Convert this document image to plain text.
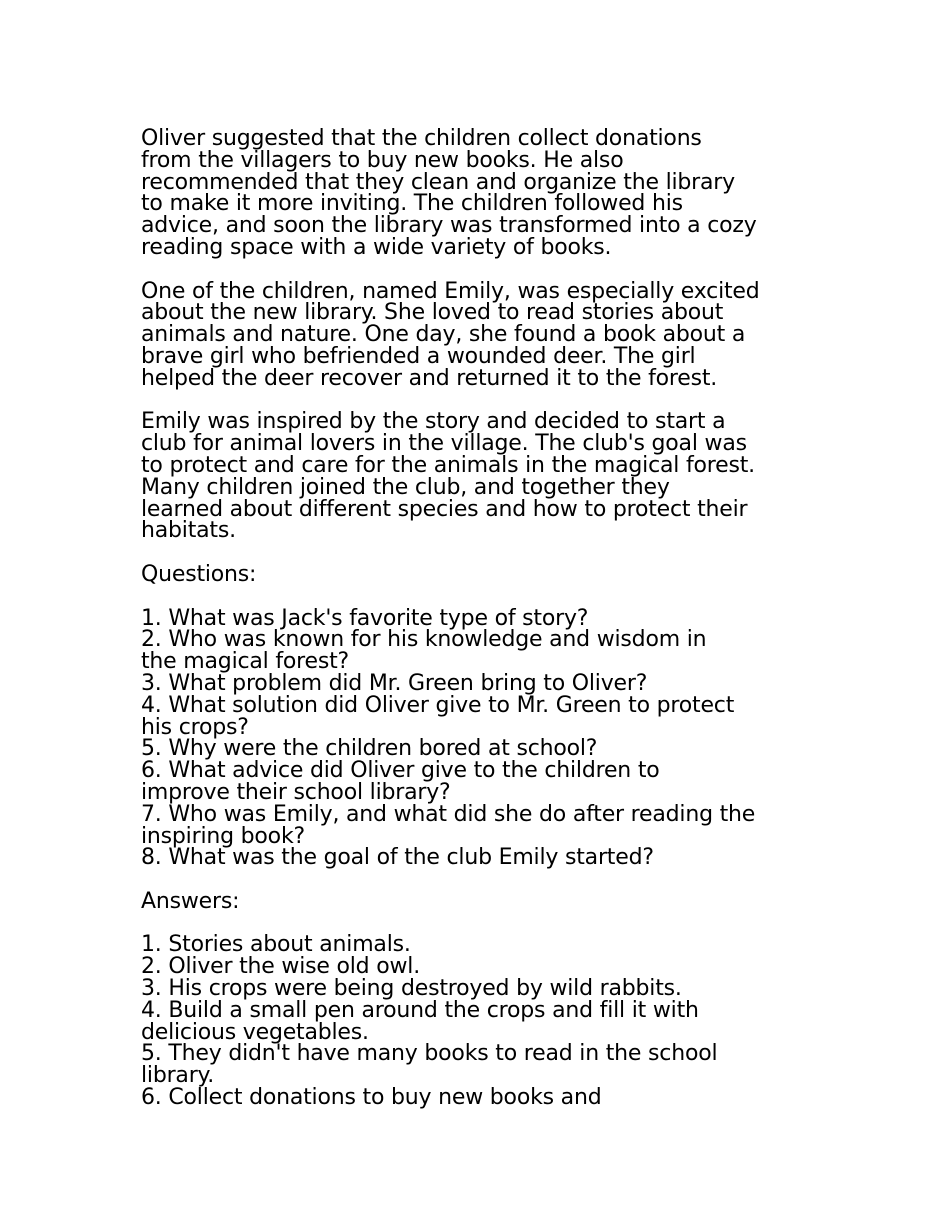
Oliver suggested that the children collect donations
from the villagers to buy new books. He also
recommended that they clean and organize the library
to make it more inviting. The children followed his
advice, and soon the library was transformed into a cozy
reading space with a wide variety of books.

One of the children, named Emily, was especially excited
about the new library. She loved to read stories about
animals and nature. One day, she found a book about a
brave girl who befriended a wounded deer. The girl
helped the deer recover and returned it to the forest.

Emily was inspired by the story and decided to start a
club for animal lovers in the village. The club's goal was
to protect and care for the animals in the magical forest.
Many children joined the club, and together they
learned about different species and how to protect their
habitats.

Questions:

1. What was Jack's favorite type of story?
2. Who was known for his knowledge and wisdom in
the magical forest?
3. What problem did Mr. Green bring to Oliver?
4. What solution did Oliver give to Mr. Green to protect
his crops?
5. Why were the children bored at school?
6. What advice did Oliver give to the children to
improve their school library?
7. Who was Emily, and what did she do after reading the
inspiring book?
8. What was the goal of the club Emily started?

Answers:

1. Stories about animals.
2. Oliver the wise old owl.
3. His crops were being destroyed by wild rabbits.
4. Build a small pen around the crops and fill it with
delicious vegetables.
5. They didn't have many books to read in the school
library.
6. Collect donations to buy new books and
